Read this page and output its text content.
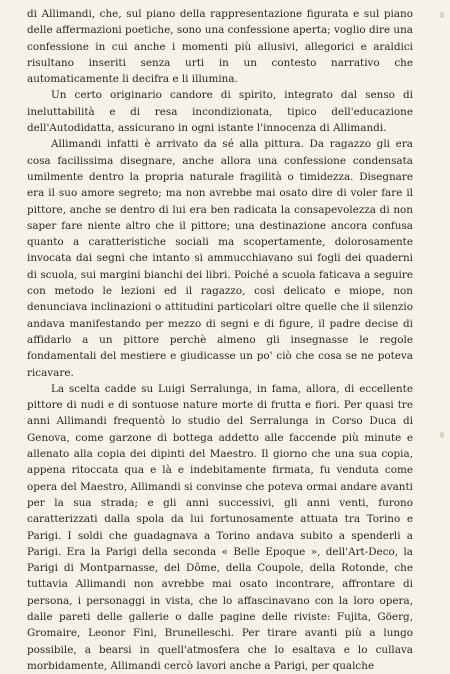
di Allimandi, che, sul piano della rappresentazione figurata e sul piano delle affermazioni poetiche, sono una confessione aperta; voglio dire una confessione in cui anche i momenti più allusivi, allegorici e araldici risultano inseriti senza urti in un contesto narrativo che automaticamente li decifra e li illumina.

Un certo originario candore di spirito, integrato dal senso di ineluttabilità e di resa incondizionata, tipico dell'educazione dell'Autodidatta, assicurano in ogni istante l'innocenza di Allimandi.

Allimandi infatti è arrivato da sé alla pittura. Da ragazzo gli era cosa facilissima disegnare, anche allora una confessione condensata umilmente dentro la propria naturale fragilità o timidezza. Disegnare era il suo amore segreto; ma non avrebbe mai osato dire di voler fare il pittore, anche se dentro di lui era ben radicata la consapevolezza di non saper fare niente altro che il pittore; una destinazione ancora confusa quanto a caratteristiche sociali ma scopertamente, dolorosamente invocata dai segni che intanto si ammucchiavano sui fogli dei quaderni di scuola, sui margini bianchi dei libri. Poiché a scuola faticava a seguire con metodo le lezioni ed il ragazzo, così delicato e miope, non denunciava inclinazioni o attitudini particolari oltre quelle che il silenzio andava manifestando per mezzo di segni e di figure, il padre decise di affidarlo a un pittore perchè almeno gli insegnasse le regole fondamentali del mestiere e giudicasse un po' ciò che cosa se ne poteva ricavare.

La scelta cadde su Luigi Serralunga, in fama, allora, di eccellente pittore di nudi e di sontuose nature morte di frutta e fiori. Per quasi tre anni Allimandi frequentò lo studio del Serralunga in Corso Duca di Genova, come garzone di bottega addetto alle faccende più minute e allenato alla copia dei dipinti del Maestro. Il giorno che una sua copia, appena ritoccata qua e là e indebitamente firmata, fu venduta come opera del Maestro, Allimandi si convinse che poteva ormai andare avanti per la sua strada; e gli anni successivi, gli anni venti, furono caratterizzati dalla spola da lui fortunosamente attuata tra Torino e Parigi. I soldi che guadagnava a Torino andava subito a spenderli a Parigi. Era la Parigi della seconda « Belle Epoque », dell'Art-Deco, la Parigi di Montparnasse, del Dôme, della Coupole, della Rotonde, che tuttavia Allimandi non avrebbe mai osato incontrare, affrontare di persona, i personaggi in vista, che lo affascinavano con la loro opera, dalle pareti delle gallerie o dalle pagine delle riviste: Fujita, Göerg, Gromaire, Leonor Fini, Brunelleschi. Per tirare avanti più a lungo possibile, a bearsi in quell'atmosfera che lo esaltava e lo cullava morbidamente, Allimandi cercò lavori anche a Parigi, per qualche
